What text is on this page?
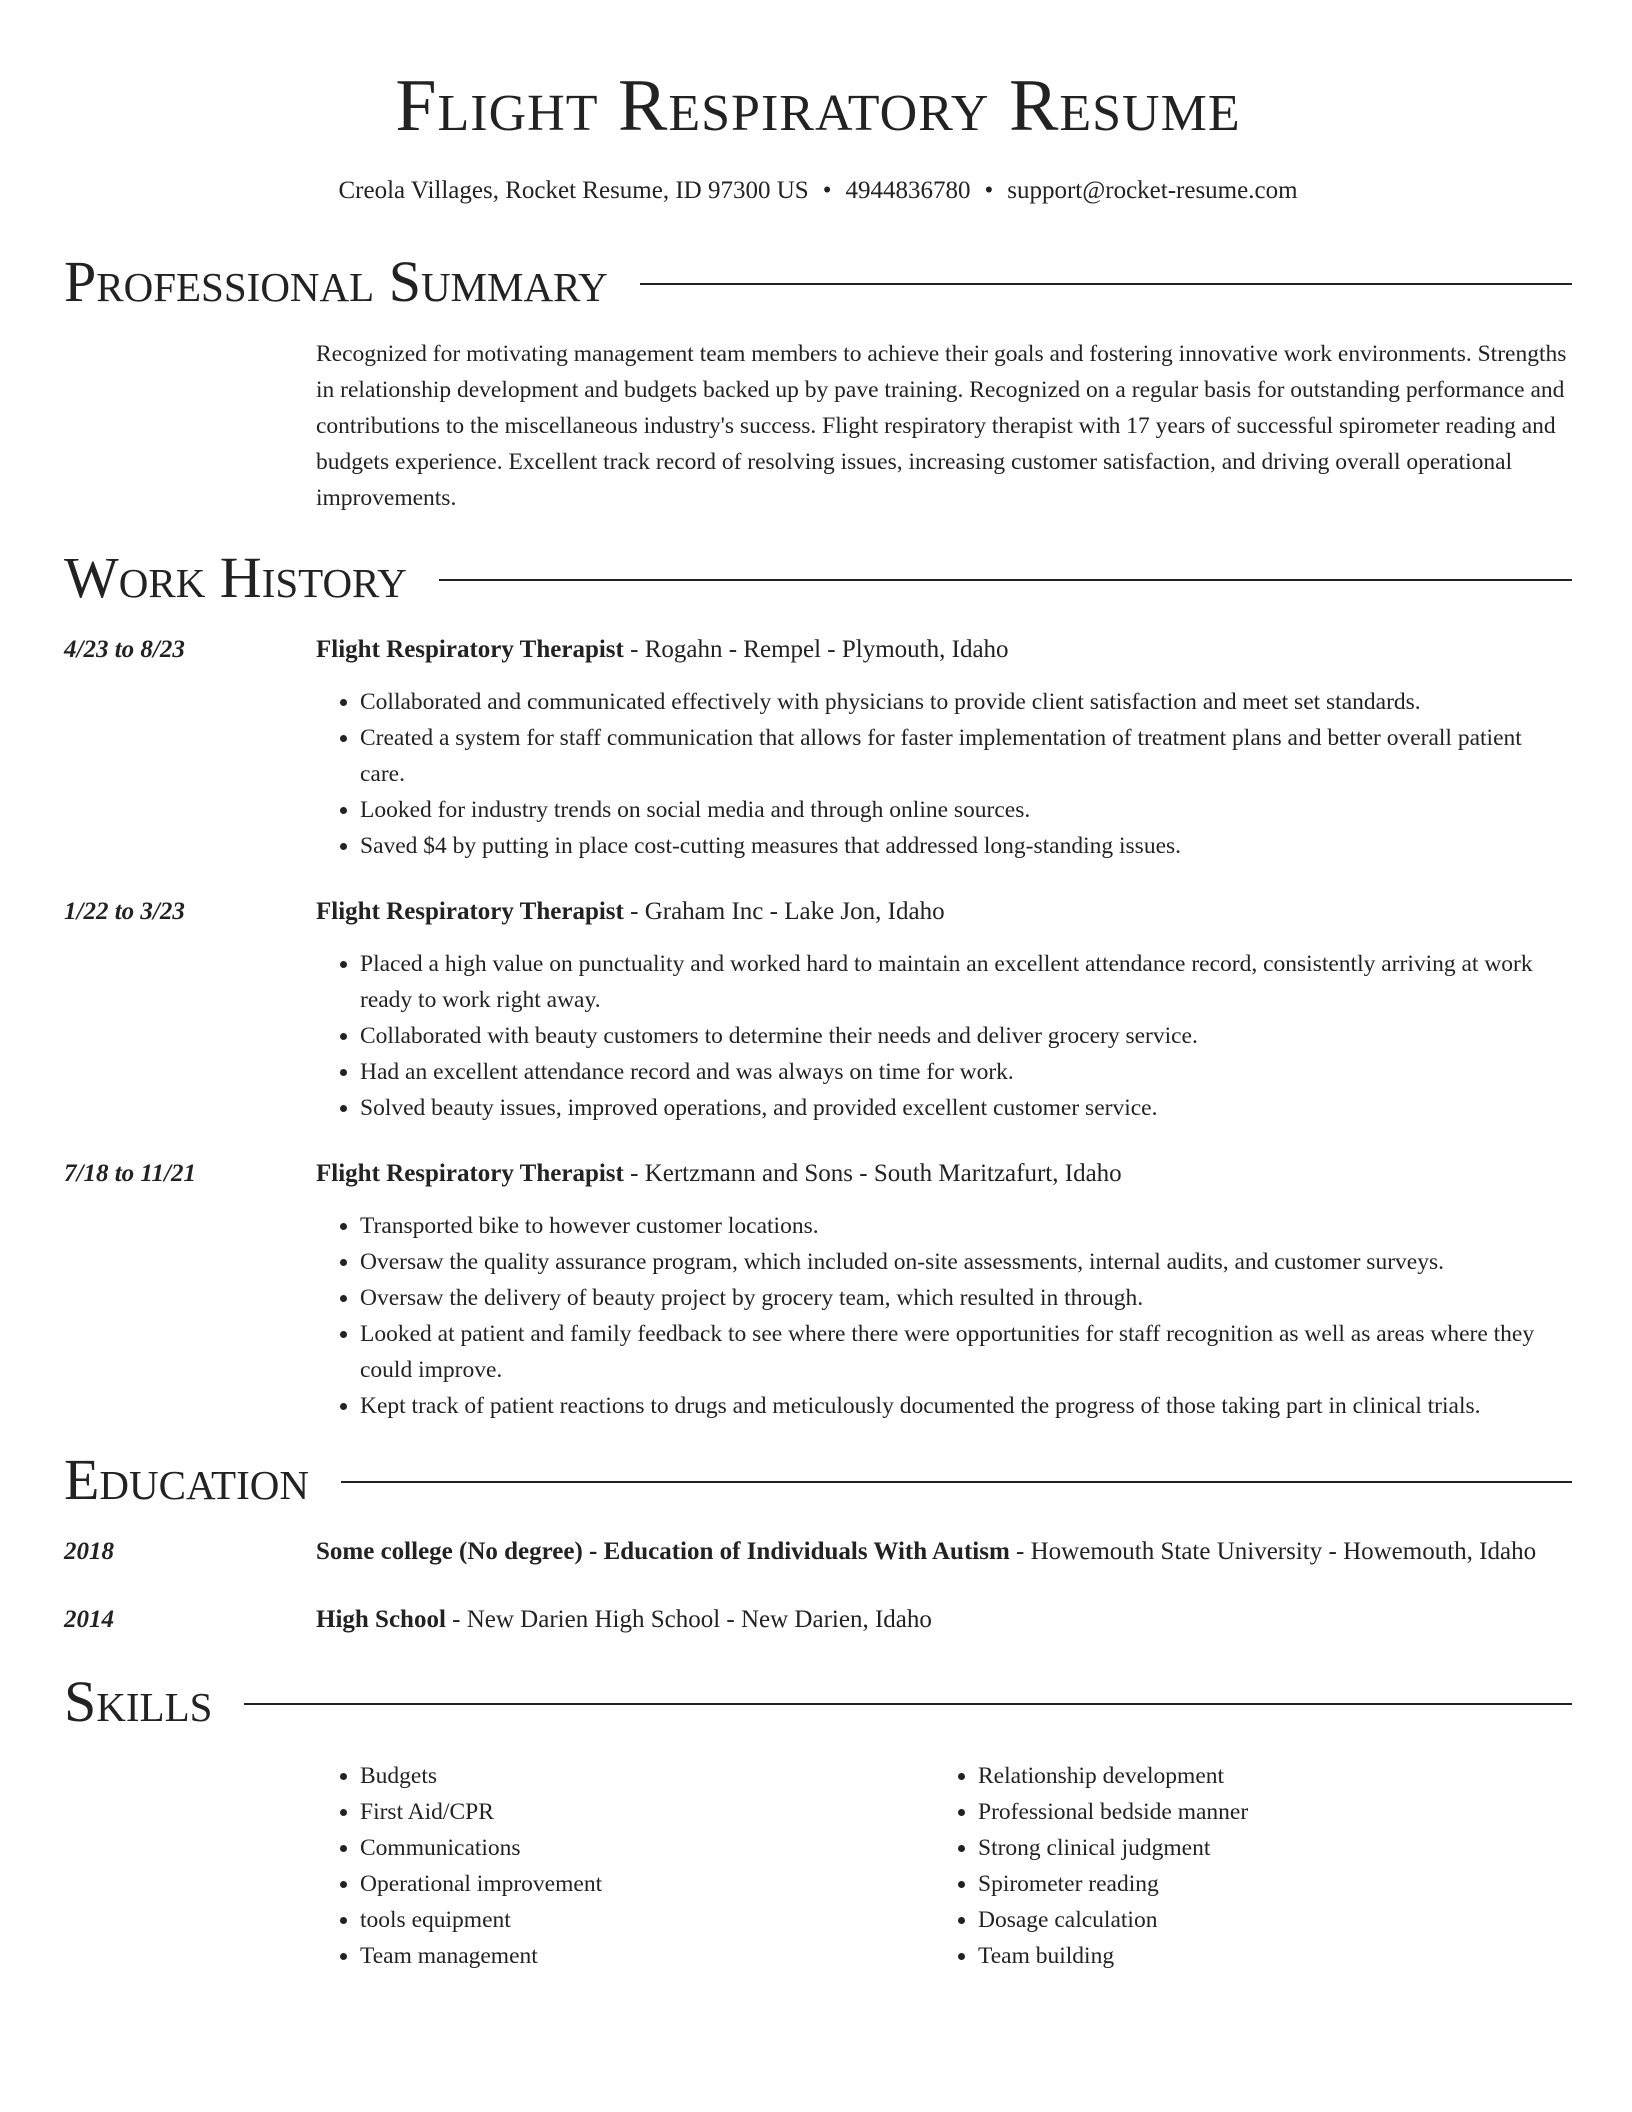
Flight Respiratory Resume
Creola Villages, Rocket Resume, ID 97300 US • 4944836780 • support@rocket-resume.com
Professional Summary
Recognized for motivating management team members to achieve their goals and fostering innovative work environments. Strengths in relationship development and budgets backed up by pave training. Recognized on a regular basis for outstanding performance and contributions to the miscellaneous industry's success. Flight respiratory therapist with 17 years of successful spirometer reading and budgets experience. Excellent track record of resolving issues, increasing customer satisfaction, and driving overall operational improvements.
Work History
4/23 to 8/23	Flight Respiratory Therapist - Rogahn - Rempel - Plymouth, Idaho
• Collaborated and communicated effectively with physicians to provide client satisfaction and meet set standards.
• Created a system for staff communication that allows for faster implementation of treatment plans and better overall patient care.
• Looked for industry trends on social media and through online sources.
• Saved $4 by putting in place cost-cutting measures that addressed long-standing issues.
1/22 to 3/23	Flight Respiratory Therapist - Graham Inc - Lake Jon, Idaho
• Placed a high value on punctuality and worked hard to maintain an excellent attendance record, consistently arriving at work ready to work right away.
• Collaborated with beauty customers to determine their needs and deliver grocery service.
• Had an excellent attendance record and was always on time for work.
• Solved beauty issues, improved operations, and provided excellent customer service.
7/18 to 11/21	Flight Respiratory Therapist - Kertzmann and Sons - South Maritzafurt, Idaho
• Transported bike to however customer locations.
• Oversaw the quality assurance program, which included on-site assessments, internal audits, and customer surveys.
• Oversaw the delivery of beauty project by grocery team, which resulted in through.
• Looked at patient and family feedback to see where there were opportunities for staff recognition as well as areas where they could improve.
• Kept track of patient reactions to drugs and meticulously documented the progress of those taking part in clinical trials.
Education
2018	Some college (No degree) - Education of Individuals With Autism - Howemouth State University - Howemouth, Idaho
2014	High School - New Darien High School - New Darien, Idaho
Skills
• Budgets
• First Aid/CPR
• Communications
• Operational improvement
• tools equipment
• Team management
• Relationship development
• Professional bedside manner
• Strong clinical judgment
• Spirometer reading
• Dosage calculation
• Team building
